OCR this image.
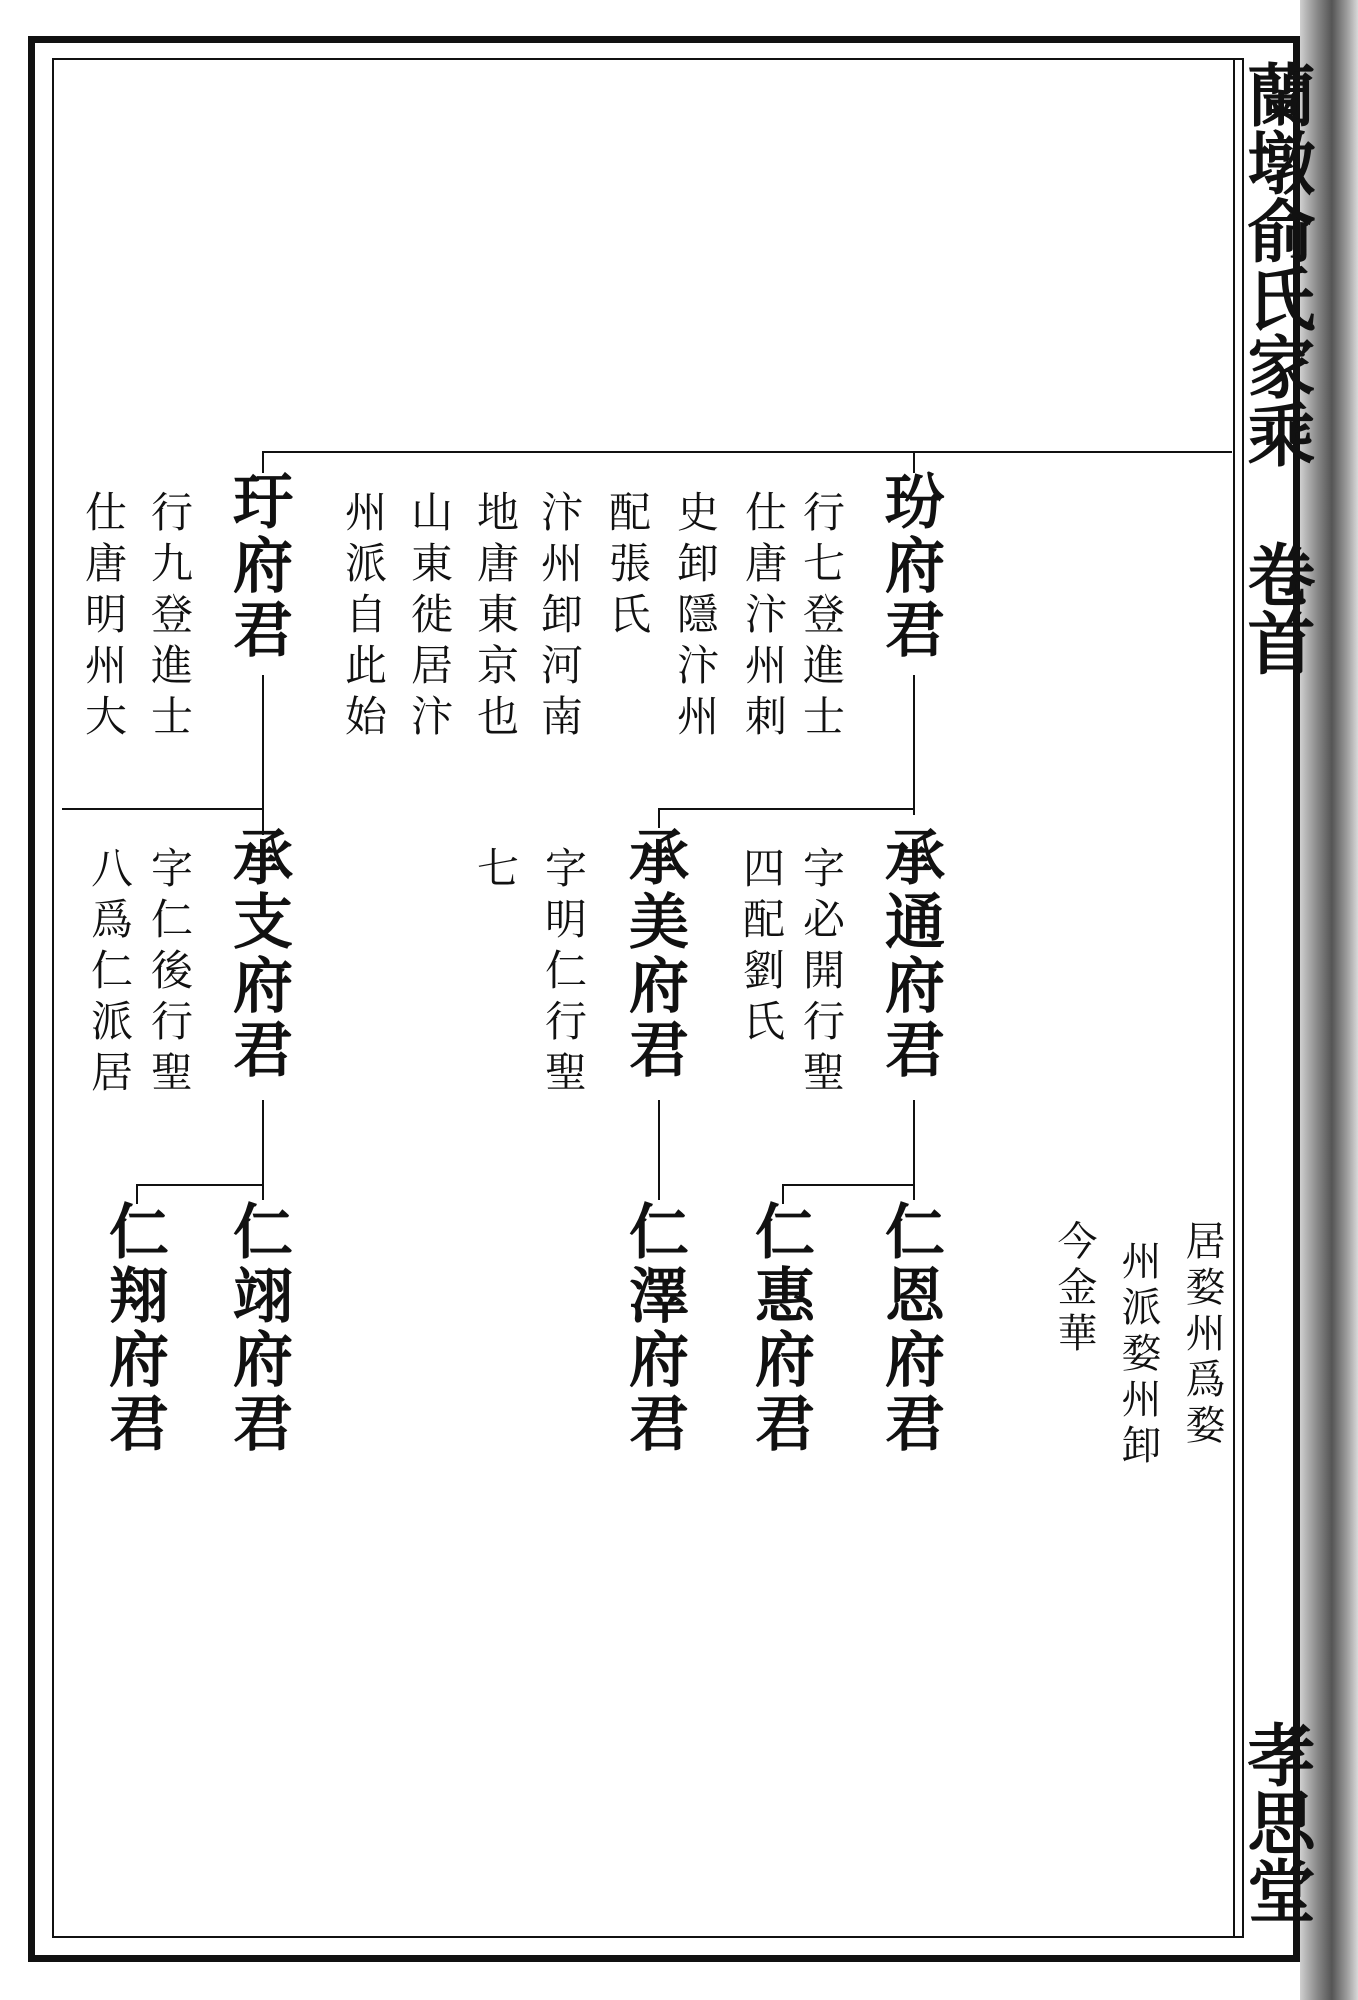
蘭墩俞氏家乘
卷首
孝思堂
玢府君
行七登進士
仕唐汴州刺
史卸隱汴州
配張氏
汴州卸河南
地唐東京也
山東徙居汴
州派自此始
玗府君
行九登進士
仕唐明州大
承通府君
字必開行聖
四配劉氏
承美府君
字明仁行聖
七
承支府君
字仁後行聖
八爲仁派居
仁恩府君
仁惠府君
仁澤府君
仁翊府君
仁翔府君	居婺州爲婺
州派婺州卸
今金華
